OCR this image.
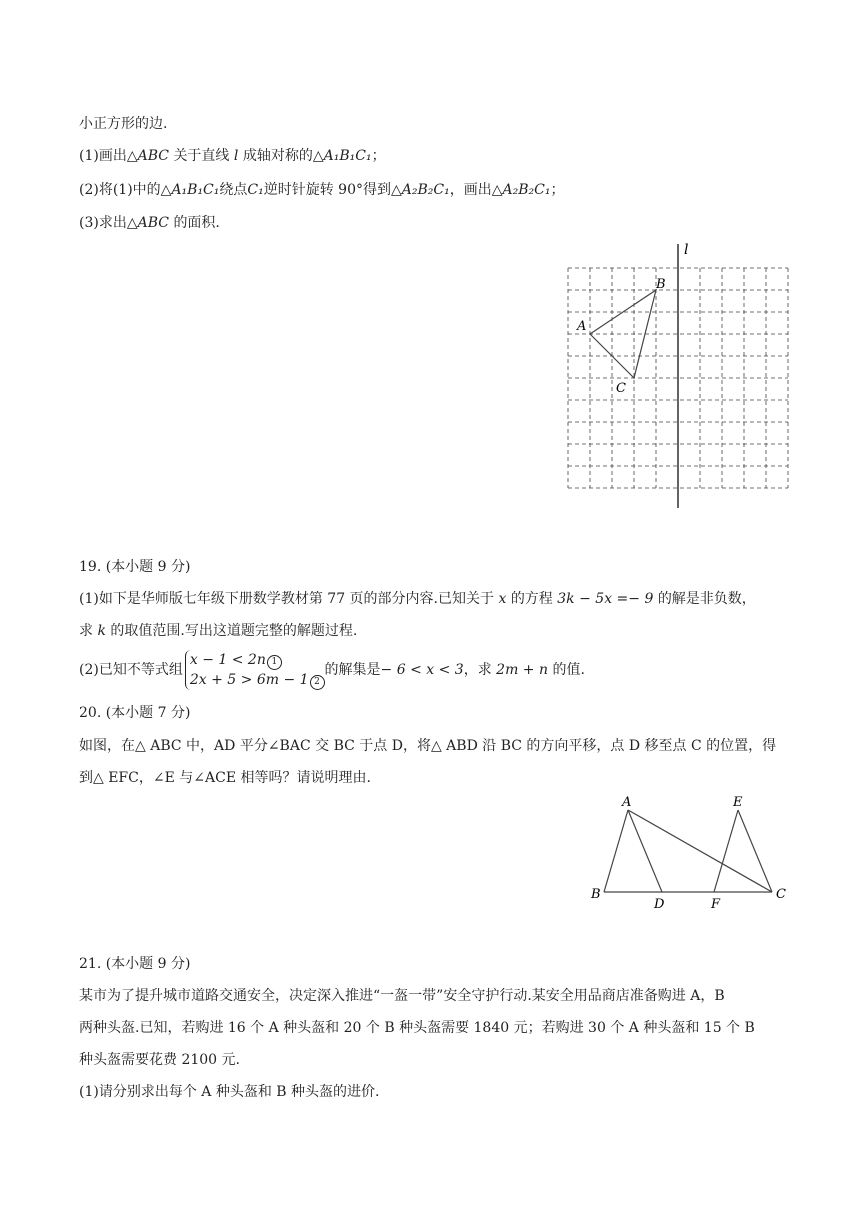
小正方形的边.
(1)画出△ABC 关于直线 l 成轴对称的△A₁B₁C₁；
(2)将(1)中的△A₁B₁C₁绕点C₁逆时针旋转 90°得到△A₂B₂C₁，画出△A₂B₂C₁；
(3)求出△ABC 的面积.
l
A
B
C
19. (本小题 9 分)
(1)如下是华师版七年级下册数学教材第 77 页的部分内容.已知关于 x 的方程 3k − 5x =− 9 的解是非负数，
求 k 的取值范围.写出这道题完整的解题过程.
(2)已知不等式组x − 1 < 2n 1
2x + 5 > 6m − 1 2的解集是− 6 < x < 3，求 2m + n 的值.
20. (本小题 7 分)
如图，在△ ABC 中，AD 平分∠BAC 交 BC 于点 D，将△ ABD 沿 BC 的方向平移，点 D 移至点 C 的位置，得
到△ EFC，∠E 与∠ACE 相等吗？请说明理由.
A
B
D
E
F
C
21. (本小题 9 分)
某市为了提升城市道路交通安全，决定深入推进“一盔一带”安全守护行动.某安全用品商店准备购进 A，B
两种头盔.已知，若购进 16 个 A 种头盔和 20 个 B 种头盔需要 1840 元；若购进 30 个 A 种头盔和 15 个 B
种头盔需要花费 2100 元.
(1)请分别求出每个 A 种头盔和 B 种头盔的进价.
